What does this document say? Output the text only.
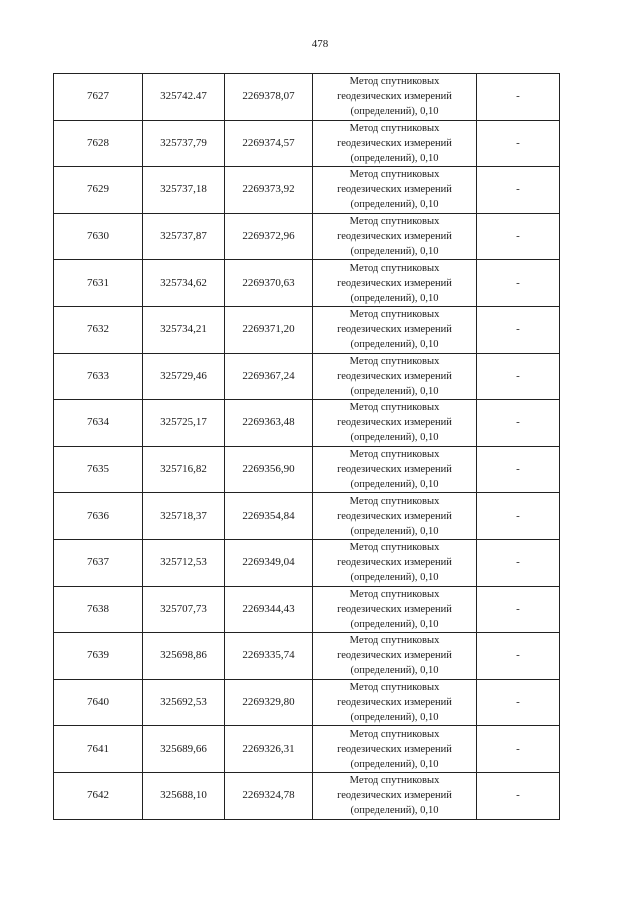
478
7627	325742.47	2269378,07	Метод спутниковых
геодезических измерений
(определений), 0,10	-
7628	325737,79	2269374,57	Метод спутниковых
геодезических измерений
(определений), 0,10	-
7629	325737,18	2269373,92	Метод спутниковых
геодезических измерений
(определений), 0,10	-
7630	325737,87	2269372,96	Метод спутниковых
геодезических измерений
(определений), 0,10	-
7631	325734,62	2269370,63	Метод спутниковых
геодезических измерений
(определений), 0,10	-
7632	325734,21	2269371,20	Метод спутниковых
геодезических измерений
(определений), 0,10	-
7633	325729,46	2269367,24	Метод спутниковых
геодезических измерений
(определений), 0,10	-
7634	325725,17	2269363,48	Метод спутниковых
геодезических измерений
(определений), 0,10	-
7635	325716,82	2269356,90	Метод спутниковых
геодезических измерений
(определений), 0,10	-
7636	325718,37	2269354,84	Метод спутниковых
геодезических измерений
(определений), 0,10	-
7637	325712,53	2269349,04	Метод спутниковых
геодезических измерений
(определений), 0,10	-
7638	325707,73	2269344,43	Метод спутниковых
геодезических измерений
(определений), 0,10	-
7639	325698,86	2269335,74	Метод спутниковых
геодезических измерений
(определений), 0,10	-
7640	325692,53	2269329,80	Метод спутниковых
геодезических измерений
(определений), 0,10	-
7641	325689,66	2269326,31	Метод спутниковых
геодезических измерений
(определений), 0,10	-
7642	325688,10	2269324,78	Метод спутниковых
геодезических измерений
(определений), 0,10	-
